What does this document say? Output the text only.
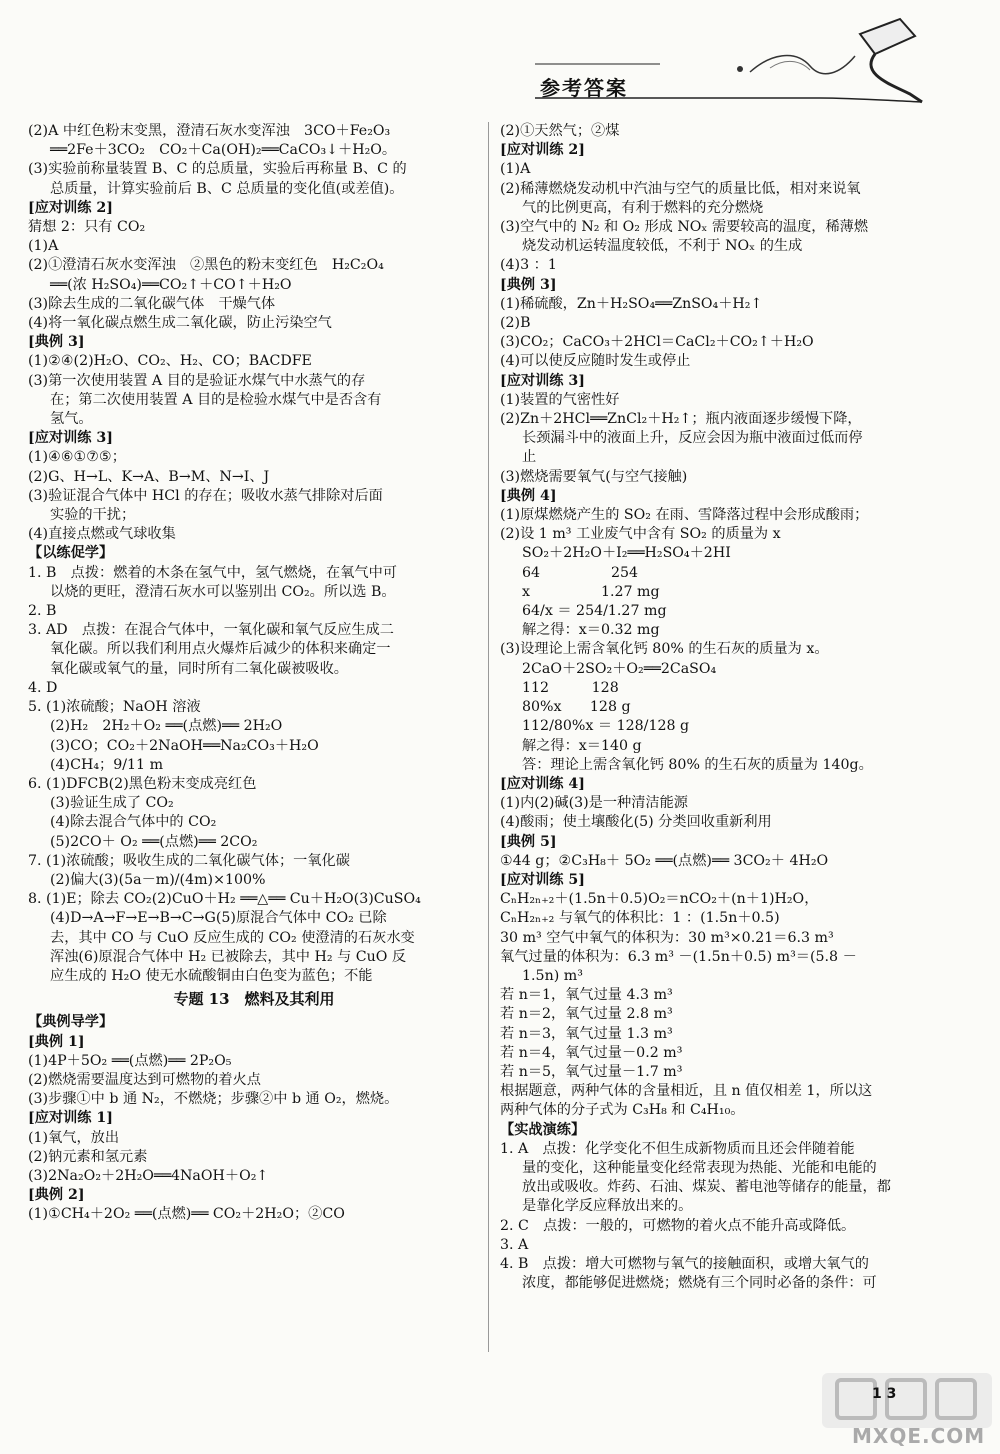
参考答案
(2)A 中红色粉末变黑，澄清石灰水变浑浊　3CO＋Fe₂O₃
══2Fe＋3CO₂　CO₂＋Ca(OH)₂══CaCO₃↓＋H₂O。
(3)实验前称量装置 B、C 的总质量，实验后再称量 B、C 的
总质量，计算实验前后 B、C 总质量的变化值(或差值)。
[应对训练 2]
猜想 2：只有 CO₂
(1)A
(2)①澄清石灰水变浑浊　②黑色的粉末变红色　H₂C₂O₄
══(浓 H₂SO₄)══CO₂↑＋CO↑＋H₂O
(3)除去生成的二氧化碳气体　干燥气体
(4)将一氧化碳点燃生成二氧化碳，防止污染空气
[典例 3]
(1)②④(2)H₂O、CO₂、H₂、CO；BACDFE
(3)第一次使用装置 A 目的是验证水煤气中水蒸气的存
在；第二次使用装置 A 目的是检验水煤气中是否含有
氢气。
[应对训练 3]
(1)④⑥①⑦⑤；
(2)G、H→L、K→A、B→M、N→I、J
(3)验证混合气体中 HCl 的存在；吸收水蒸气排除对后面
实验的干扰；
(4)直接点燃或气球收集
【以练促学】
1. B　点拨：燃着的木条在氢气中，氢气燃烧，在氧气中可
以烧的更旺，澄清石灰水可以鉴别出 CO₂。所以选 B。
2. B
3. AD　点拨：在混合气体中，一氧化碳和氧气反应生成二
氧化碳。所以我们利用点火爆炸后减少的体积来确定一
氧化碳或氧气的量，同时所有二氧化碳被吸收。
4. D
5. (1)浓硫酸；NaOH 溶液
(2)H₂　2H₂＋O₂ ══(点燃)══ 2H₂O
(3)CO；CO₂＋2NaOH══Na₂CO₃＋H₂O
(4)CH₄；9/11 m
6. (1)DFCB(2)黑色粉末变成亮红色
(3)验证生成了 CO₂
(4)除去混合气体中的 CO₂
(5)2CO＋ O₂ ══(点燃)══ 2CO₂
7. (1)浓硫酸；吸收生成的二氧化碳气体；一氧化碳
(2)偏大(3)(5a－m)/(4m)×100%
8. (1)E；除去 CO₂(2)CuO＋H₂ ══△══ Cu＋H₂O(3)CuSO₄
(4)D→A→F→E→B→C→G(5)原混合气体中 CO₂ 已除
去，其中 CO 与 CuO 反应生成的 CO₂ 使澄清的石灰水变
浑浊(6)原混合气体中 H₂ 已被除去，其中 H₂ 与 CuO 反
应生成的 H₂O 使无水硫酸铜由白色变为蓝色；不能
专题 13　燃料及其利用
【典例导学】
[典例 1]
(1)4P＋5O₂ ══(点燃)══ 2P₂O₅
(2)燃烧需要温度达到可燃物的着火点
(3)步骤①中 b 通 N₂，不燃烧；步骤②中 b 通 O₂，燃烧。
[应对训练 1]
(1)氧气，放出
(2)钠元素和氢元素
(3)2Na₂O₂＋2H₂O══4NaOH＋O₂↑
[典例 2]
(1)①CH₄＋2O₂ ══(点燃)══ CO₂＋2H₂O；②CO
(2)①天然气；②煤
[应对训练 2]
(1)A
(2)稀薄燃烧发动机中汽油与空气的质量比低，相对来说氧
气的比例更高，有利于燃料的充分燃烧
(3)空气中的 N₂ 和 O₂ 形成 NOₓ 需要较高的温度，稀薄燃
烧发动机运转温度较低，不利于 NOₓ 的生成
(4)3 ：1
[典例 3]
(1)稀硫酸，Zn＋H₂SO₄══ZnSO₄＋H₂↑
(2)B
(3)CO₂；CaCO₃＋2HCl＝CaCl₂＋CO₂↑＋H₂O
(4)可以使反应随时发生或停止
[应对训练 3]
(1)装置的气密性好
(2)Zn＋2HCl══ZnCl₂＋H₂↑；瓶内液面逐步缓慢下降，
长颈漏斗中的液面上升，反应会因为瓶中液面过低而停
止
(3)燃烧需要氧气(与空气接触)
[典例 4]
(1)原煤燃烧产生的 SO₂ 在雨、雪降落过程中会形成酸雨；
(2)设 1 m³ 工业废气中含有 SO₂ 的质量为 x
SO₂＋2H₂O＋I₂══H₂SO₄＋2HI
64　　　　　254
x　　　　　1.27 mg
64/x ＝ 254/1.27 mg
解之得：x＝0.32 mg
(3)设理论上需含氧化钙 80% 的生石灰的质量为 x。
2CaO＋2SO₂＋O₂══2CaSO₄
112　　　128
80%x　　128 g
112/80%x ＝ 128/128 g
解之得：x＝140 g
答：理论上需含氧化钙 80% 的生石灰的质量为 140g。
[应对训练 4]
(1)内(2)碱(3)是一种清洁能源
(4)酸雨；使土壤酸化(5) 分类回收重新利用
[典例 5]
①44 g；②C₃H₈＋ 5O₂ ══(点燃)══ 3CO₂＋ 4H₂O
[应对训练 5]
CₙH₂ₙ₊₂＋(1.5n＋0.5)O₂＝nCO₂＋(n＋1)H₂O，
CₙH₂ₙ₊₂ 与氧气的体积比：1 ：(1.5n＋0.5)
30 m³ 空气中氧气的体积为：30 m³×0.21＝6.3 m³
氧气过量的体积为：6.3 m³ －(1.5n＋0.5) m³＝(5.8 －
1.5n) m³
若 n＝1，氧气过量 4.3 m³
若 n＝2，氧气过量 2.8 m³
若 n＝3，氧气过量 1.3 m³
若 n＝4，氧气过量－0.2 m³
若 n＝5，氧气过量－1.7 m³
根据题意，两种气体的含量相近，且 n 值仅相差 1，所以这
两种气体的分子式为 C₃H₈ 和 C₄H₁₀。
【实战演练】
1. A　点拨：化学变化不但生成新物质而且还会伴随着能
量的变化，这种能量变化经常表现为热能、光能和电能的
放出或吸收。炸药、石油、煤炭、蓄电池等储存的能量，都
是靠化学反应释放出来的。
2. C　点拨：一般的，可燃物的着火点不能升高或降低。
3. A
4. B　点拨：增大可燃物与氧气的接触面积，或增大氧气的
浓度，都能够促进燃烧；燃烧有三个同时必备的条件：可
1 3
MXQE.COM
